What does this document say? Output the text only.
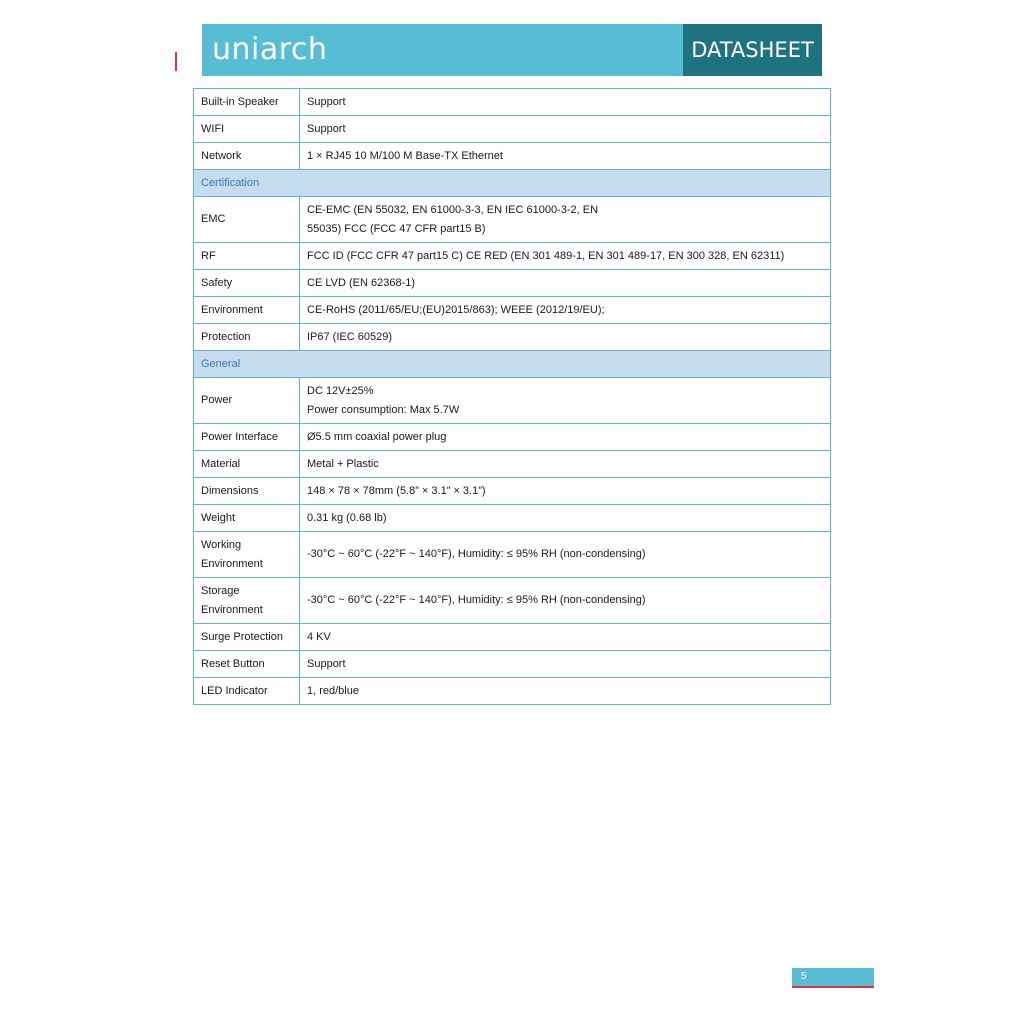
uniarch	DATASHEET
Built-in Speaker	Support
WIFI	Support
Network	1 × RJ45 10 M/100 M Base-TX Ethernet
Certification	
EMC	CE-EMC (EN 55032, EN 61000-3-3, EN IEC 61000-3-2, EN
55035) FCC (FCC 47 CFR part15 B)

RF	FCC ID (FCC CFR 47 part15 C) CE RED (EN 301 489-1, EN 301 489-17, EN 300 328, EN 62311)
Safety	CE LVD (EN 62368-1)
Environment	CE-RoHS (2011/65/EU;(EU)2015/863); WEEE (2012/19/EU);
Protection	IP67 (IEC 60529)
General	
Power	DC 12V±25%
Power consumption: Max 5.7W

Power Interface	Ø5.5 mm coaxial power plug
Material	Metal + Plastic
Dimensions	148 × 78 × 78mm (5.8” × 3.1” × 3.1”)
Weight	0.31 kg (0.68 lb)

Working
Environment	-30°C ~ 60°C (-22°F ~ 140°F), Humidity: ≤ 95% RH (non-condensing)

Storage
Environment	-30°C ~ 60°C (-22°F ~ 140°F), Humidity: ≤ 95% RH (non-condensing)
Surge Protection	4 KV
Reset Button	Support
LED Indicator	1, red/blue
5
